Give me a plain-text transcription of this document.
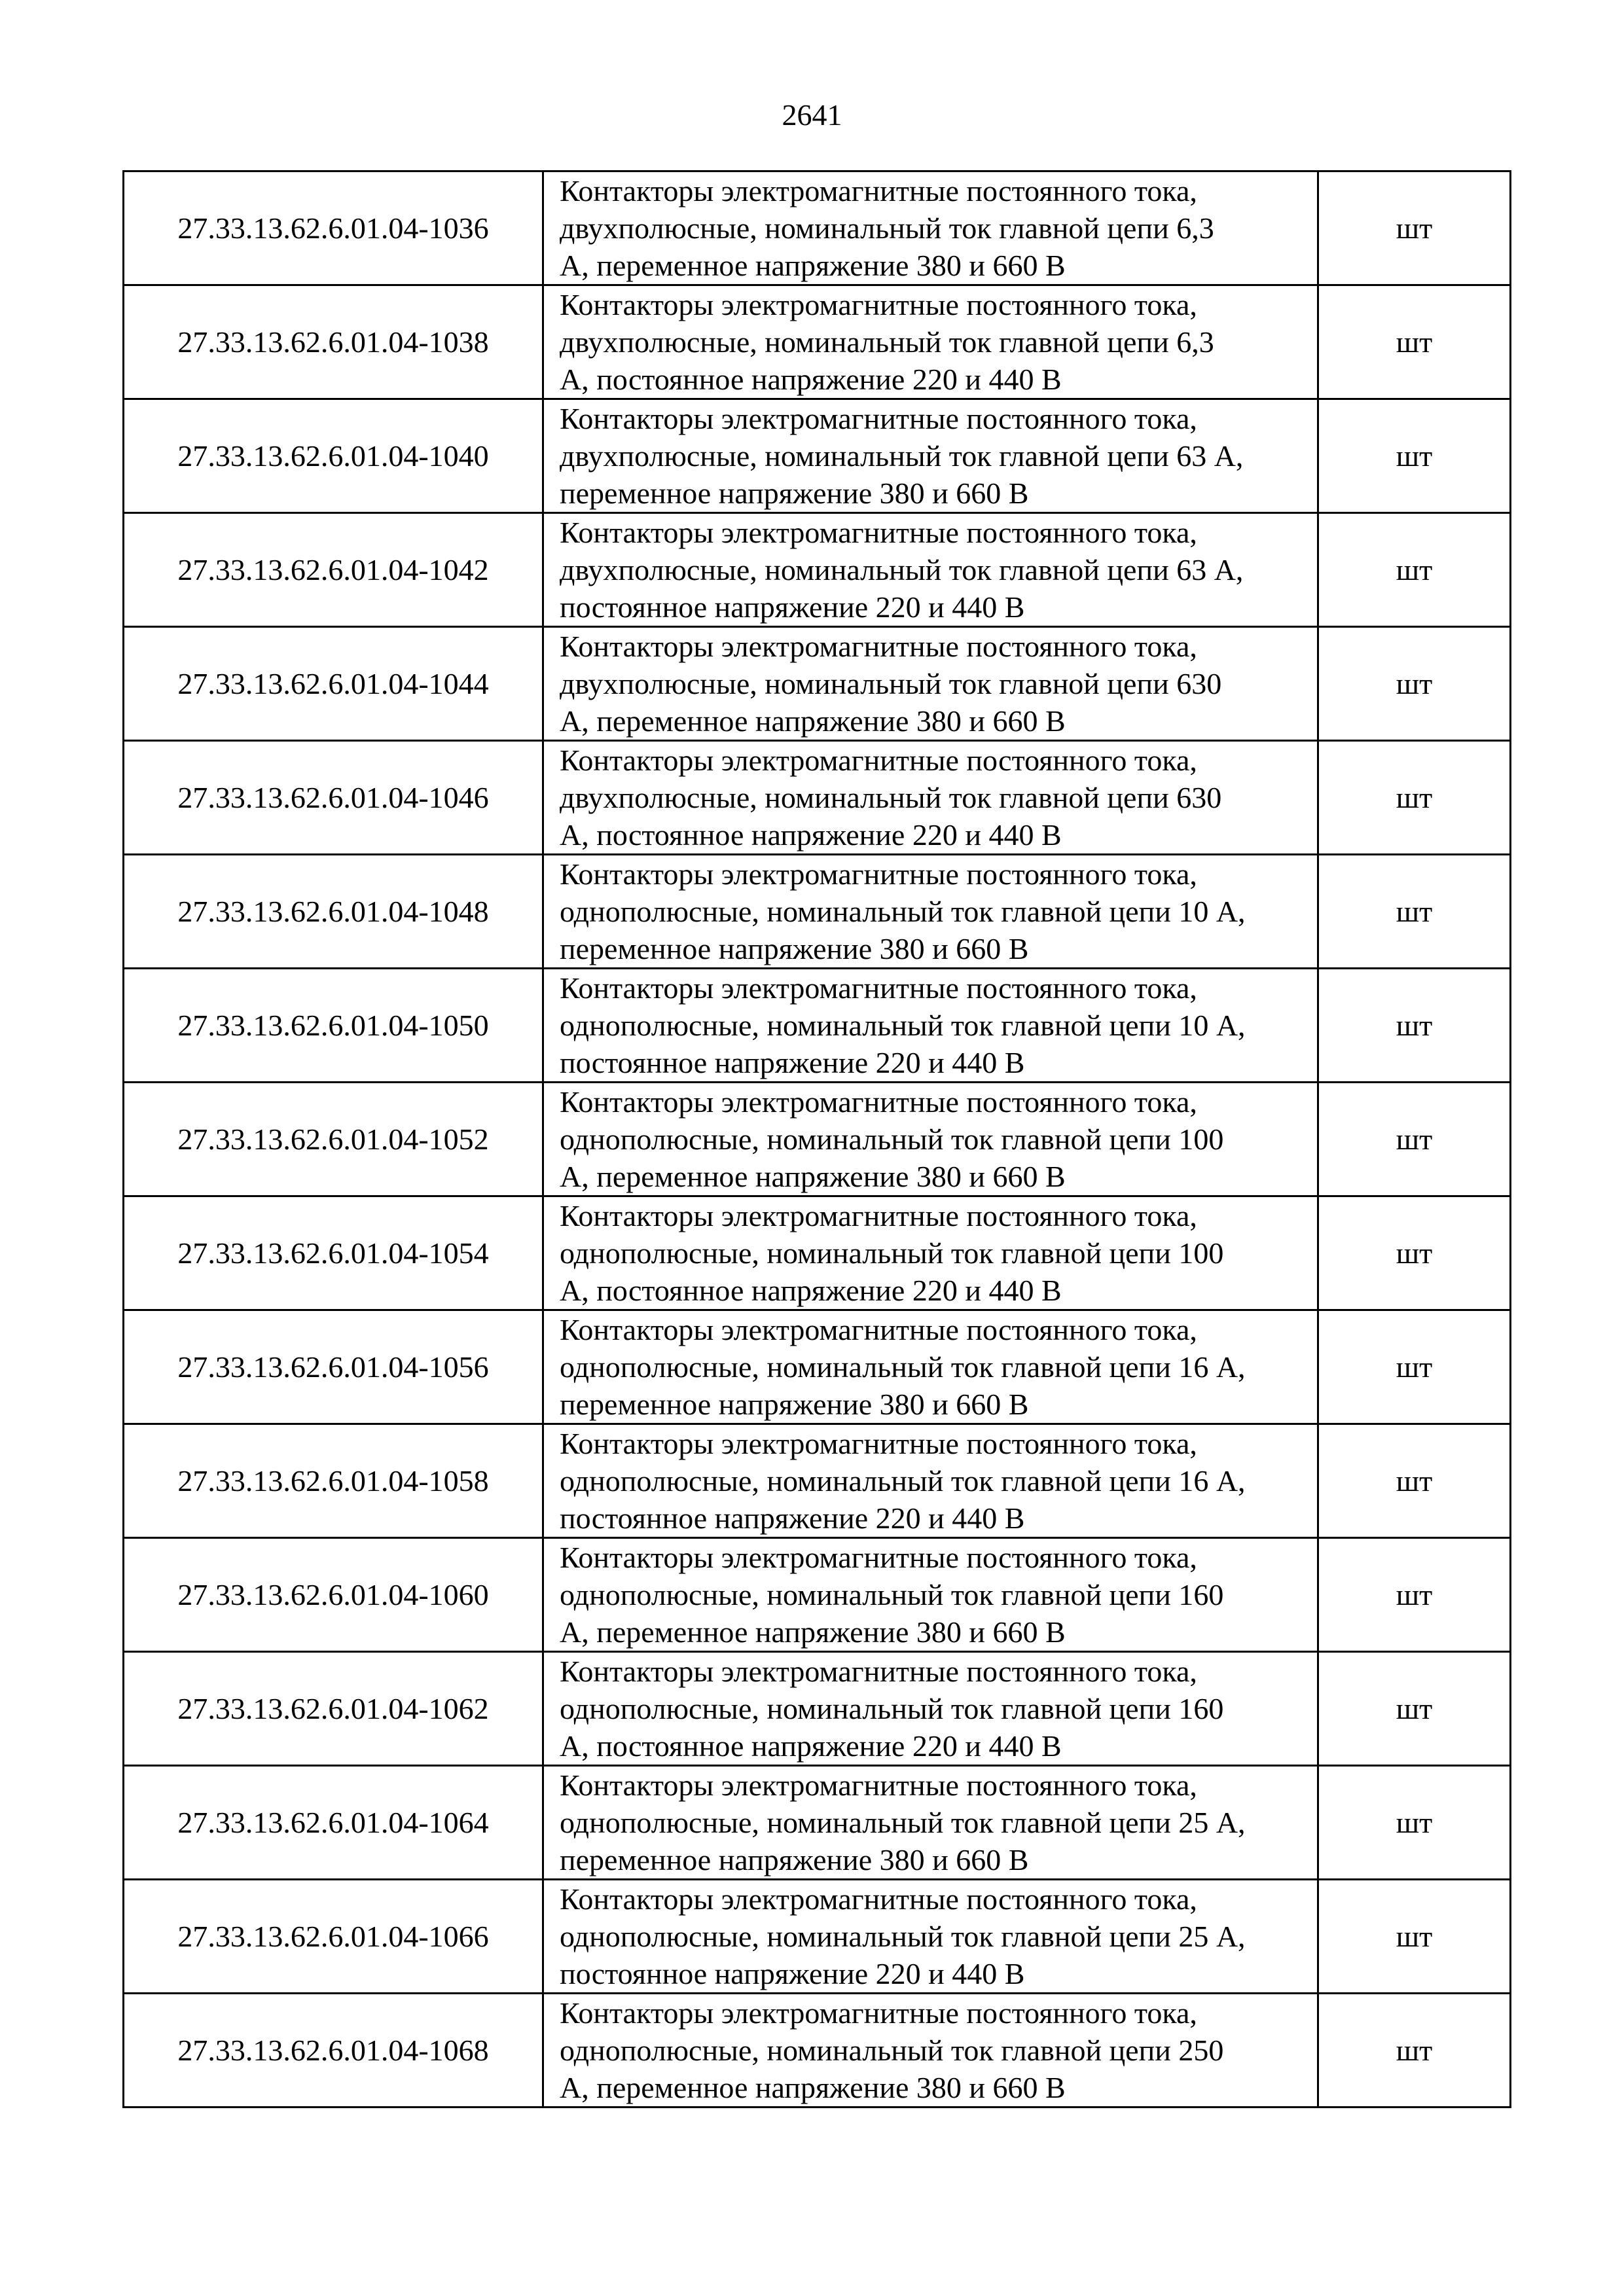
2641
27.33.13.62.6.01.04-1036	Контакторы электромагнитные постоянного тока,
двухполюсные, номинальный ток главной цепи 6,3
А, переменное напряжение 380 и 660 В	шт
27.33.13.62.6.01.04-1038	Контакторы электромагнитные постоянного тока,
двухполюсные, номинальный ток главной цепи 6,3
А, постоянное напряжение 220 и 440 В	шт
27.33.13.62.6.01.04-1040	Контакторы электромагнитные постоянного тока,
двухполюсные, номинальный ток главной цепи 63 А,
переменное напряжение 380 и 660 В	шт
27.33.13.62.6.01.04-1042	Контакторы электромагнитные постоянного тока,
двухполюсные, номинальный ток главной цепи 63 А,
постоянное напряжение 220 и 440 В	шт
27.33.13.62.6.01.04-1044	Контакторы электромагнитные постоянного тока,
двухполюсные, номинальный ток главной цепи 630
А, переменное напряжение 380 и 660 В	шт
27.33.13.62.6.01.04-1046	Контакторы электромагнитные постоянного тока,
двухполюсные, номинальный ток главной цепи 630
А, постоянное напряжение 220 и 440 В	шт
27.33.13.62.6.01.04-1048	Контакторы электромагнитные постоянного тока,
однополюсные, номинальный ток главной цепи 10 А,
переменное напряжение 380 и 660 В	шт
27.33.13.62.6.01.04-1050	Контакторы электромагнитные постоянного тока,
однополюсные, номинальный ток главной цепи 10 А,
постоянное напряжение 220 и 440 В	шт
27.33.13.62.6.01.04-1052	Контакторы электромагнитные постоянного тока,
однополюсные, номинальный ток главной цепи 100
А, переменное напряжение 380 и 660 В	шт
27.33.13.62.6.01.04-1054	Контакторы электромагнитные постоянного тока,
однополюсные, номинальный ток главной цепи 100
А, постоянное напряжение 220 и 440 В	шт
27.33.13.62.6.01.04-1056	Контакторы электромагнитные постоянного тока,
однополюсные, номинальный ток главной цепи 16 А,
переменное напряжение 380 и 660 В	шт
27.33.13.62.6.01.04-1058	Контакторы электромагнитные постоянного тока,
однополюсные, номинальный ток главной цепи 16 А,
постоянное напряжение 220 и 440 В	шт
27.33.13.62.6.01.04-1060	Контакторы электромагнитные постоянного тока,
однополюсные, номинальный ток главной цепи 160
А, переменное напряжение 380 и 660 В	шт
27.33.13.62.6.01.04-1062	Контакторы электромагнитные постоянного тока,
однополюсные, номинальный ток главной цепи 160
А, постоянное напряжение 220 и 440 В	шт
27.33.13.62.6.01.04-1064	Контакторы электромагнитные постоянного тока,
однополюсные, номинальный ток главной цепи 25 А,
переменное напряжение 380 и 660 В	шт
27.33.13.62.6.01.04-1066	Контакторы электромагнитные постоянного тока,
однополюсные, номинальный ток главной цепи 25 А,
постоянное напряжение 220 и 440 В	шт
27.33.13.62.6.01.04-1068	Контакторы электромагнитные постоянного тока,
однополюсные, номинальный ток главной цепи 250
А, переменное напряжение 380 и 660 В	шт
